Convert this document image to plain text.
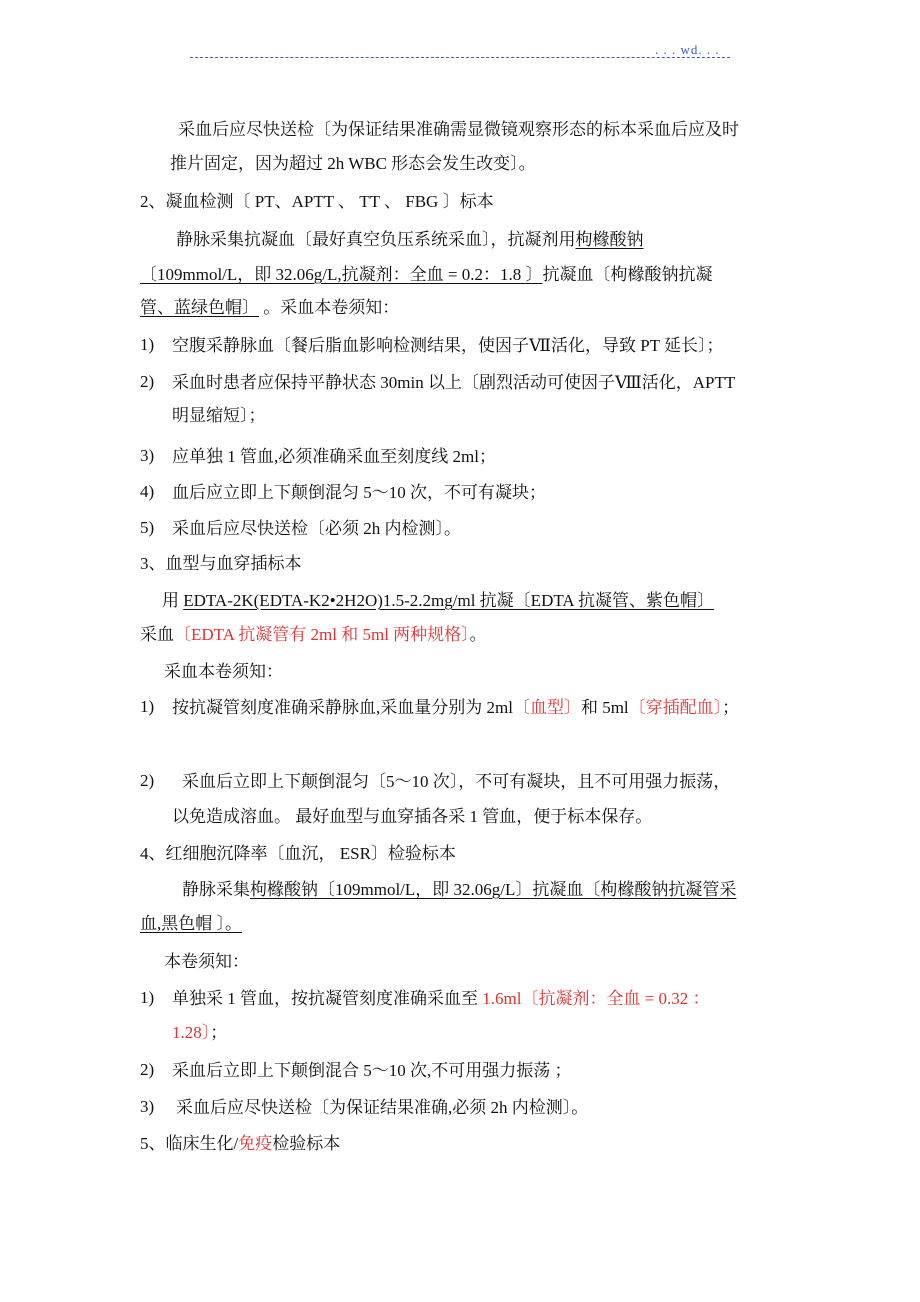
. . . wd. . .
采血后应尽快送检〔为保证结果准确需显微镜观察形态的标本采血后应及时
推片固定，因为超过 2h WBC 形态会发生改变〕。
2、凝血检测〔 PT、APTT 、 TT 、 FBG 〕标本
静脉采集抗凝血〔最好真空负压系统采血〕，抗凝剂用枸橼酸钠
〔109mmol/L，即 32.06g/L,抗凝剂：全血 = 0.2：1.8 〕抗凝血〔枸橼酸钠抗凝
管、蓝绿色帽〕 。采血本卷须知：
1) 空腹采静脉血〔餐后脂血影响检测结果，使因子Ⅶ活化，导致 PT 延长〕；
2) 采血时患者应保持平静状态 30min 以上〔剧烈活动可使因子Ⅷ活化，APTT
明显缩短〕；
3) 应单独 1 管血,必须准确采血至刻度线 2ml；
4) 血后应立即上下颠倒混匀 5～10 次，不可有凝块；
5) 采血后应尽快送检〔必须 2h 内检测〕。
3、血型与血穿插标本
用 EDTA-2K(EDTA-K2•2H2O)1.5-2.2mg/ml 抗凝〔EDTA 抗凝管、紫色帽〕
采血〔EDTA 抗凝管有 2ml 和 5ml 两种规格〕。
采血本卷须知：
1) 按抗凝管刻度准确采静脉血,采血量分别为 2ml〔血型〕和 5ml〔穿插配血〕；
2) 采血后立即上下颠倒混匀〔5～10 次〕，不可有凝块，且不可用强力振荡，
以免造成溶血。 最好血型与血穿插各采 1 管血，便于标本保存。
4、红细胞沉降率〔血沉， ESR〕检验标本
静脉采集枸橼酸钠〔109mmol/L，即 32.06g/L〕抗凝血〔枸橼酸钠抗凝管采
血,黑色帽 〕。
本卷须知：
1) 单独采 1 管血，按抗凝管刻度准确采血至 1.6ml〔抗凝剂：全血 = 0.32 ：
1.28〕；
2) 采血后立即上下颠倒混合 5～10 次,不可用强力振荡 ；
3) 采血后应尽快送检〔为保证结果准确,必须 2h 内检测〕。
5、临床生化/免疫检验标本
